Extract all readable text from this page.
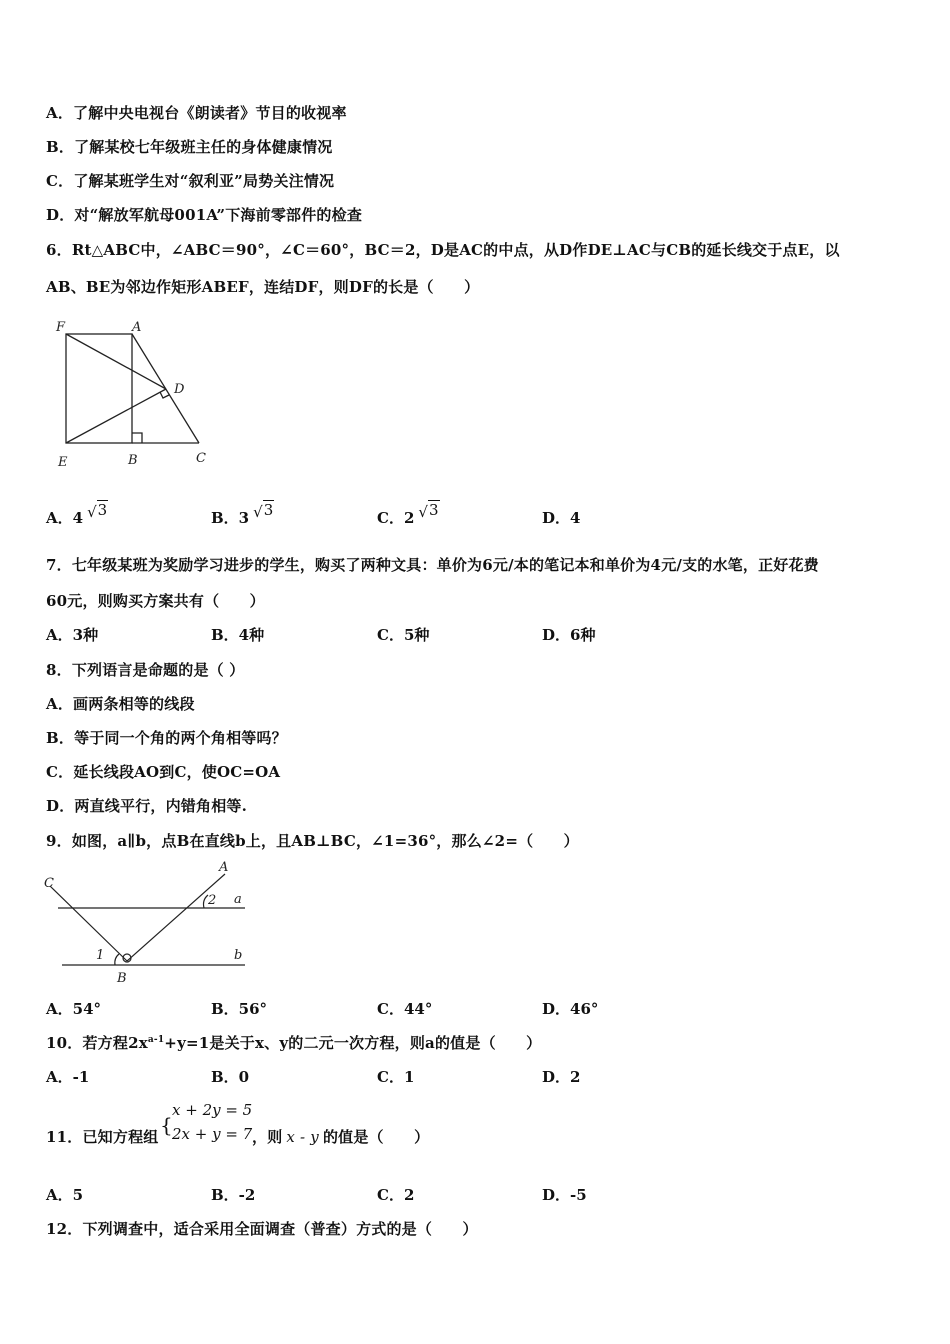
A．了解中央电视台《朗读者》节目的收视率
B．了解某校七年级班主任的身体健康情况
C．了解某班学生对“叙利亚”局势关注情况
D．对“解放军航母001A”下海前零部件的检查
6．Rt△ABC中，∠ABC＝90°，∠C＝60°，BC＝2，D是AC的中点，从D作DE⊥AC与CB的延长线交于点E，以
AB、BE为邻边作矩形ABEF，连结DF，则DF的长是（　　）
F	A
D
E	B	C
A．4 √3	B．3 √3	C．2 √3	D．4
7．七年级某班为奖励学习进步的学生，购买了两种文具：单价为6元/本的笔记本和单价为4元/支的水笔，正好花费
60元，则购买方案共有（　　）
A．3种	B．4种	C．5种	D．6种
8．下列语言是命题的是（ ）
A．画两条相等的线段
B．等于同一个角的两个角相等吗？
C．延长线段AO到C，使OC=OA
D．两直线平行，内错角相等.
9．如图，a∥b，点B在直线b上，且AB⊥BC，∠1=36°，那么∠2=（　　）
C
A
a
b
1
2
B
A．54°	B．56°	C．44°	D．46°
10．若方程$2x^{a-1}+y=1$是关于x、y的二元一次方程，则a的值是（　　）
A．-1	B．0	C．1	D．2
{
x + 2y = 5
2x + y = 7
11．已知方程组	，则 x - y 的值是（　　）
A．5	B．-2	C．2	D．-5
12．下列调查中，适合采用全面调查（普查）方式的是（　　）
